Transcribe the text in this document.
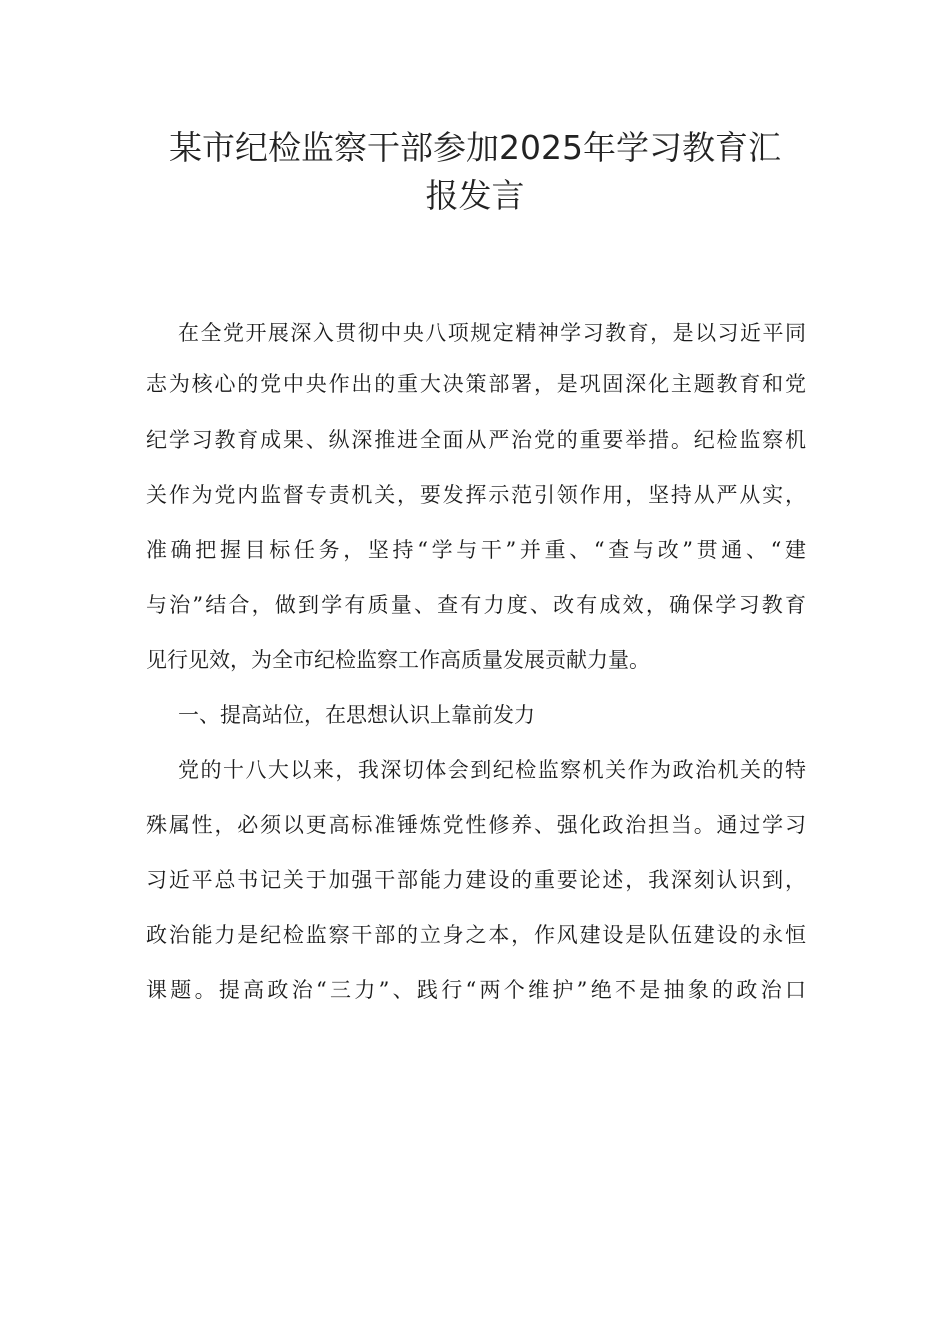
某市纪检监察干部参加2025年学习教育汇
报发言
在全党开展深入贯彻中央八项规定精神学习教育，是以习近平同
志为核心的党中央作出的重大决策部署，是巩固深化主题教育和党
纪学习教育成果、纵深推进全面从严治党的重要举措。纪检监察机
关作为党内监督专责机关，要发挥示范引领作用，坚持从严从实，
准确把握目标任务，坚持“学与干”并重、“查与改”贯通、“建
与治”结合，做到学有质量、查有力度、改有成效，确保学习教育
见行见效，为全市纪检监察工作高质量发展贡献力量。
一、提高站位，在思想认识上靠前发力
党的十八大以来，我深切体会到纪检监察机关作为政治机关的特
殊属性，必须以更高标准锤炼党性修养、强化政治担当。通过学习
习近平总书记关于加强干部能力建设的重要论述，我深刻认识到，
政治能力是纪检监察干部的立身之本，作风建设是队伍建设的永恒
课题。提高政治“三力”、践行“两个维护”绝不是抽象的政治口
